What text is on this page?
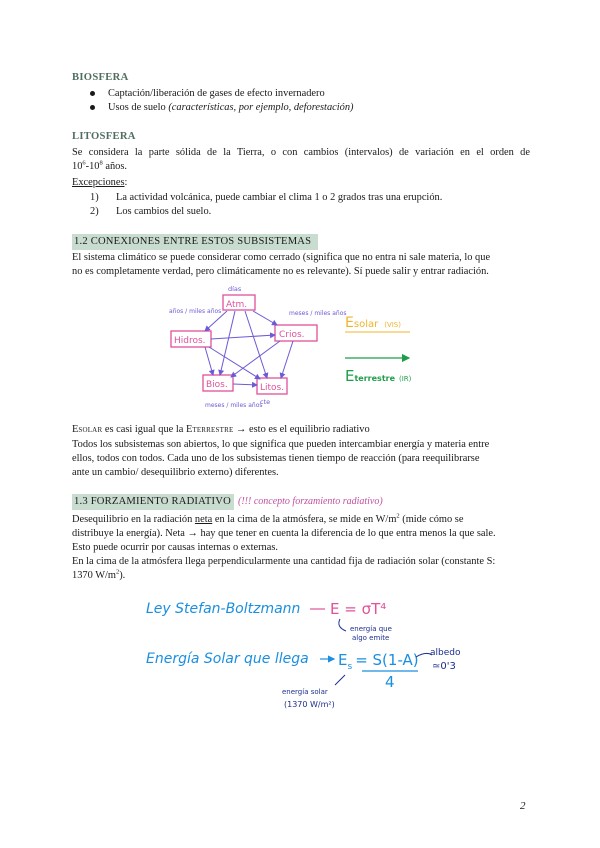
BIOSFERA
Captación/liberación de gases de efecto invernadero
Usos de suelo (características, por ejemplo, deforestación)
LITOSFERA
Se considera la parte sólida de la Tierra, o con cambios (intervalos) de variación en el orden de
$10^6-10^8$ años.
Excepciones:
1) La actividad volcánica, puede cambiar el clima 1 o 2 grados tras una erupción.
2) Los cambios del suelo.
1.2 CONEXIONES ENTRE ESTOS SUBSISTEMAS
El sistema climático se puede considerar como cerrado (significa que no entra ni sale materia, lo que
no es completamente verdad, pero climáticamente no es relevante). Sí puede salir y entrar radiación.
Atm.
Crios.
Hidros.
Bios.	Litos.
días
años / miles años	meses / miles años
meses / miles años
cte
Esolar (VIS)
Eterrestre (IR)
ESOLAR es casi igual que la ETERRESTRE → esto es el equilibrio radiativo
Todos los subsistemas son abiertos, lo que significa que pueden intercambiar energía y materia entre
ellos, todos con todos. Cada uno de los subsistemas tienen tiempo de reacción (para reequilibrarse
ante un cambio/ desequilibrio externo) diferentes.
1.3 FORZAMIENTO RADIATIVO (!!! concepto forzamiento radiativo)
Desequilibrio en la radiación neta en la cima de la atmósfera, se mide en $W/m^2$ (mide cómo se
distribuye la energía). Neta → hay que tener en cuenta la diferencia de lo que entra menos la que sale.
Esto puede ocurrir por causas internas o externas.
En la cima de la atmósfera llega perpendicularmente una cantidad fija de radiación solar (constante S:
1370 $W/m^2$).
Ley Stefan-Boltzmann E = σT⁴
energía que
algo emite
Energía Solar que llega $E_s = S(1-A)$
4
albedo
≃0'3
energía solar
(1370 W/m²)
2
